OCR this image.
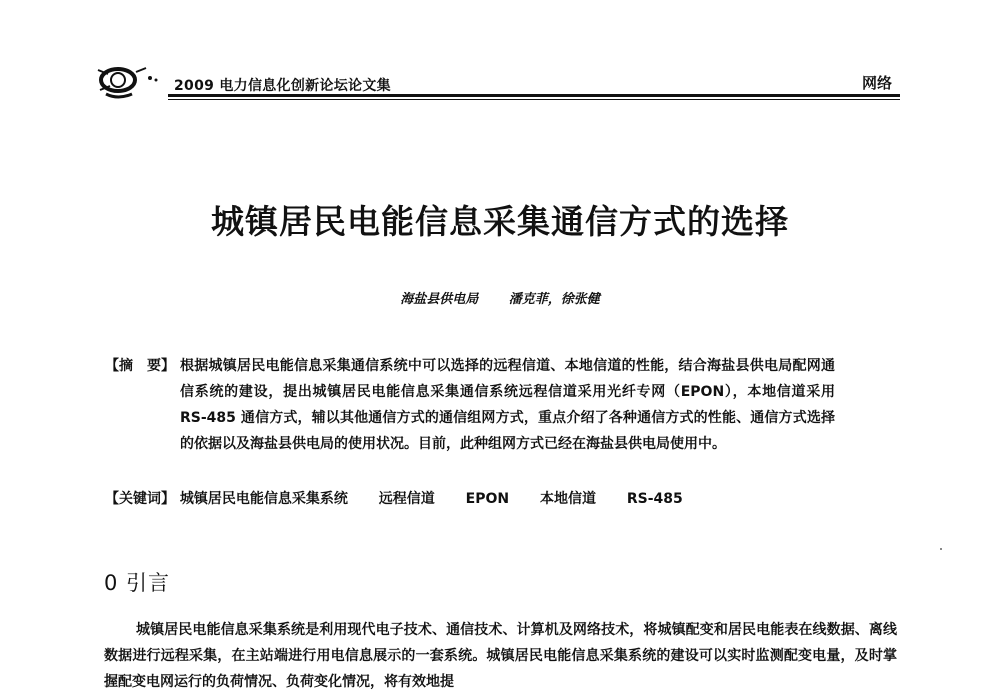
2009 电力信息化创新论坛论文集	网络
城镇居民电能信息采集通信方式的选择
海盐县供电局 潘克菲，徐张健
【摘　要】 根据城镇居民电能信息采集通信系统中可以选择的远程信道、本地信道的性能，结合海盐县供电局配网通信系统的建设，提出城镇居民电能信息采集通信系统远程信道采用光纤专网（EPON），本地信道采用 RS-485 通信方式，辅以其他通信方式的通信组网方式，重点介绍了各种通信方式的性能、通信方式选择的依据以及海盐县供电局的使用状况。目前，此种组网方式已经在海盐县供电局使用中。
【关键词】 城镇居民电能信息采集系统 远程信道 EPON 本地信道 RS-485
0 引言
城镇居民电能信息采集系统是利用现代电子技术、通信技术、计算机及网络技术，将城镇配变和居民电能表在线数据、离线数据进行远程采集，在主站端进行用电信息展示的一套系统。城镇居民电能信息采集系统的建设可以实时监测配变电量，及时掌握配变电网运行的负荷情况、负荷变化情况，将有效地提
